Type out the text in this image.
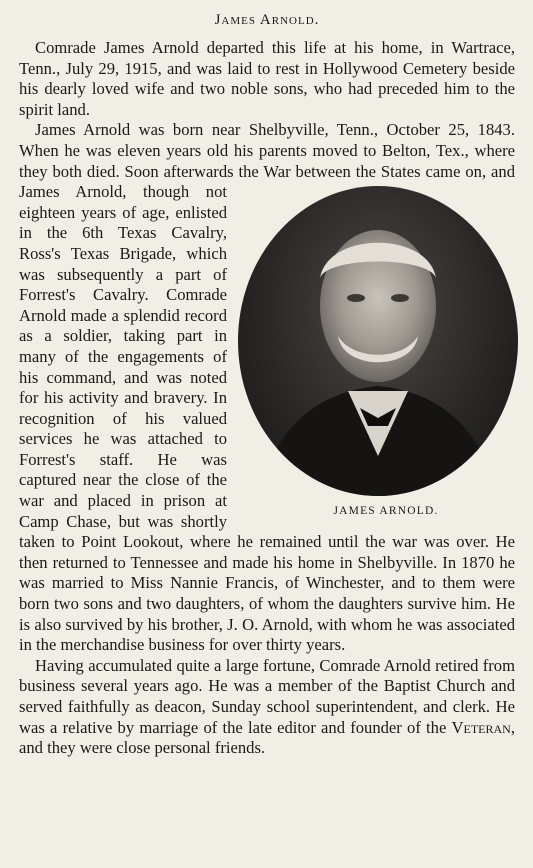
James Arnold.

Comrade James Arnold departed this life at his home, in Wartrace, Tenn., July 29, 1915, and was laid to rest in Hollywood Cemetery beside his dearly loved wife and two noble sons, who had preceded him to the spirit land.

James Arnold was born near Shelbyville, Tenn., October 25, 1843. When he was eleven years old his parents moved to Belton, Tex., where they both died. Soon afterwards the War between the States came on, and James Arnold, though
JAMES ARNOLD.
not eighteen years of age, enlisted in the 6th Texas Cavalry, Ross's Texas Brigade, which was subsequently a part of Forrest's Cavalry. Comrade Arnold made a splendid record as a soldier, taking part in many of the engagements of his command, and was noted for his activity and bravery. In recognition of his valued services he was attached to Forrest's staff. He was captured near the close of the war and placed in prison at Camp Chase, but was shortly taken to Point Lookout, where he remained until the war was over. He then returned to Tennessee and made his home in Shelbyville. In 1870 he was married to Miss Nannie Francis, of Winchester, and to them were born two sons and two daughters, of whom the daughters survive him. He is also survived by his brother, J. O. Arnold, with whom he was associated in the merchandise business for over thirty years.

Having accumulated quite a large fortune, Comrade Arnold retired from business several years ago. He was a member of the Baptist Church and served faithfully as deacon, Sunday school superintendent, and clerk. He was a relative by marriage of the late editor and founder of the Veteran, and they were close personal friends.
